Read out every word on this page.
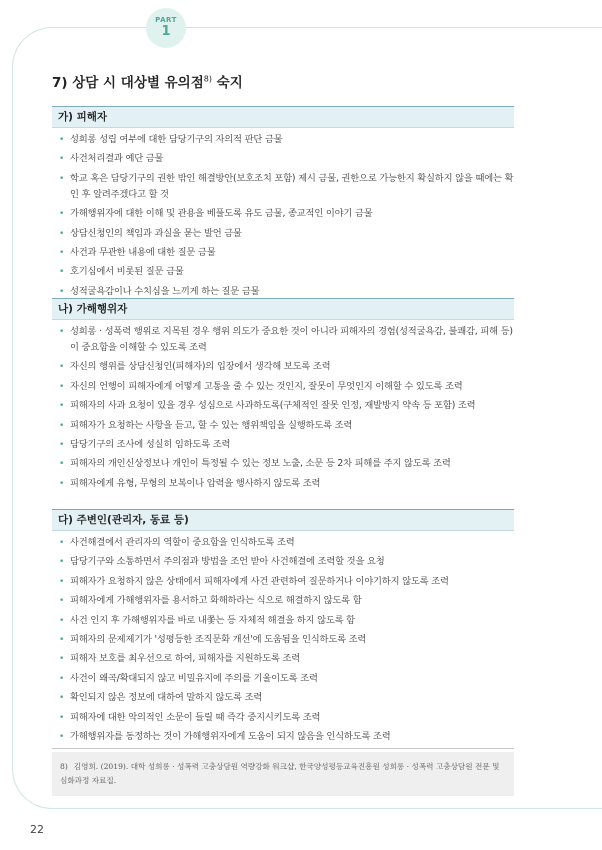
PART
1
7) 상담 시 대상별 유의점$^{8)}$ 숙지
가) 피해자
• 성희롱 성립 여부에 대한 담당기구의 자의적 판단 금물
• 사건처리결과 예단 금물
• 학교 혹은 담당기구의 권한 밖인 해결방안(보호조치 포함) 제시 금물, 권한으로 가능한지 확실하지 않을 때에는 확인 후 알려주겠다고 할 것
• 가해행위자에 대한 이해 및 관용을 베풀도록 유도 금물, 종교적인 이야기 금물
• 상담신청인의 책임과 과실을 묻는 발언 금물
• 사건과 무관한 내용에 대한 질문 금물
• 호기심에서 비롯된 질문 금물
• 성적굴욕감이나 수치심을 느끼게 하는 질문 금물
나) 가해행위자
• 성희롱 · 성폭력 행위로 지목된 경우 행위 의도가 중요한 것이 아니라 피해자의 경험(성적굴욕감, 불쾌감, 피해 등)이 중요함을 이해할 수 있도록 조력
• 자신의 행위를 상담신청인(피해자)의 입장에서 생각해 보도록 조력
• 자신의 언행이 피해자에게 어떻게 고통을 줄 수 있는 것인지, 잘못이 무엇인지 이해할 수 있도록 조력
• 피해자의 사과 요청이 있을 경우 성심으로 사과하도록(구체적인 잘못 인정, 재발방지 약속 등 포함) 조력
• 피해자가 요청하는 사항을 듣고, 할 수 있는 행위책임을 실행하도록 조력
• 담당기구의 조사에 성실히 임하도록 조력
• 피해자의 개인신상정보나 개인이 특정될 수 있는 정보 노출, 소문 등 2차 피해를 주지 않도록 조력
• 피해자에게 유형, 무형의 보복이나 압력을 행사하지 않도록 조력
다) 주변인(관리자, 동료 등)
• 사건해결에서 관리자의 역할이 중요함을 인식하도록 조력
• 담당기구와 소통하면서 주의점과 방법을 조언 받아 사건해결에 조력할 것을 요청
• 피해자가 요청하지 않은 상태에서 피해자에게 사건 관련하여 질문하거나 이야기하지 않도록 조력
• 피해자에게 가해행위자를 용서하고 화해하라는 식으로 해결하지 않도록 함
• 사건 인지 후 가해행위자를 바로 내쫓는 등 자체적 해결을 하지 않도록 함
• 피해자의 문제제기가 '성평등한 조직문화 개선'에 도움됨을 인식하도록 조력
• 피해자 보호를 최우선으로 하여, 피해자를 지원하도록 조력
• 사건이 왜곡/확대되지 않고 비밀유지에 주의를 기울이도록 조력
• 확인되지 않은 정보에 대하여 말하지 않도록 조력
• 피해자에 대한 악의적인 소문이 들릴 때 즉각 중지시키도록 조력
• 가해행위자를 동정하는 것이 가해행위자에게 도움이 되지 않음을 인식하도록 조력
8) 김영희. (2019). 대학 성희롱 · 성폭력 고충상담원 역량강화 워크샵, 한국양성평등교육진흥원 성희롱 · 성폭력 고충상담원 전문 및 심화과정 자료집.
22
